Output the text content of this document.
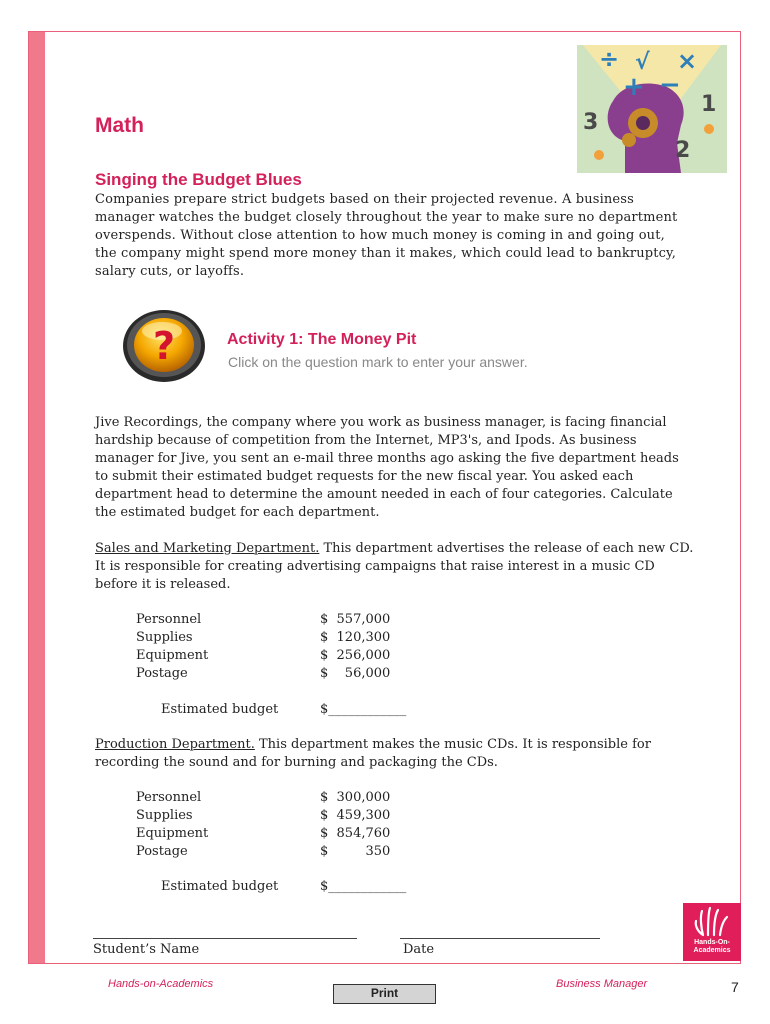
÷ √ ×
+ −
3
1
2
Math
Singing the Budget Blues
Companies prepare strict budgets based on their projected revenue. A business manager watches the budget closely throughout the year to make sure no department overspends. Without close attention to how much money is coming in and going out, the company might spend more money than it makes, which could lead to bankruptcy, salary cuts, or layoffs.
?	Activity 1: The Money Pit
Click on the question mark to enter your answer.
Jive Recordings, the company where you work as business manager, is facing financial hardship because of competition from the Internet, MP3's, and Ipods. As business manager for Jive, you sent an e-mail three months ago asking the five department heads to submit their estimated budget requests for the new fiscal year. You asked each department head to determine the amount needed in each of four categories. Calculate the estimated budget for each department.
Sales and Marketing Department. This department advertises the release of each new CD. It is responsible for creating advertising campaigns that raise interest in a music CD before it is released.
Personnel	$  557,000
Supplies	$  120,300
Equipment	$  256,000
Postage	$    56,000
Estimated budget	$____________
Production Department. This department makes the music CDs. It is responsible for recording the sound and for burning and packaging the CDs.
Personnel	$  300,000
Supplies	$  459,300
Equipment	$  854,760
Postage	$         350
Estimated budget	$____________
Student’s Name	Date	Hands-On-Academics
Hands-on-Academics	Business Manager
Print	7
